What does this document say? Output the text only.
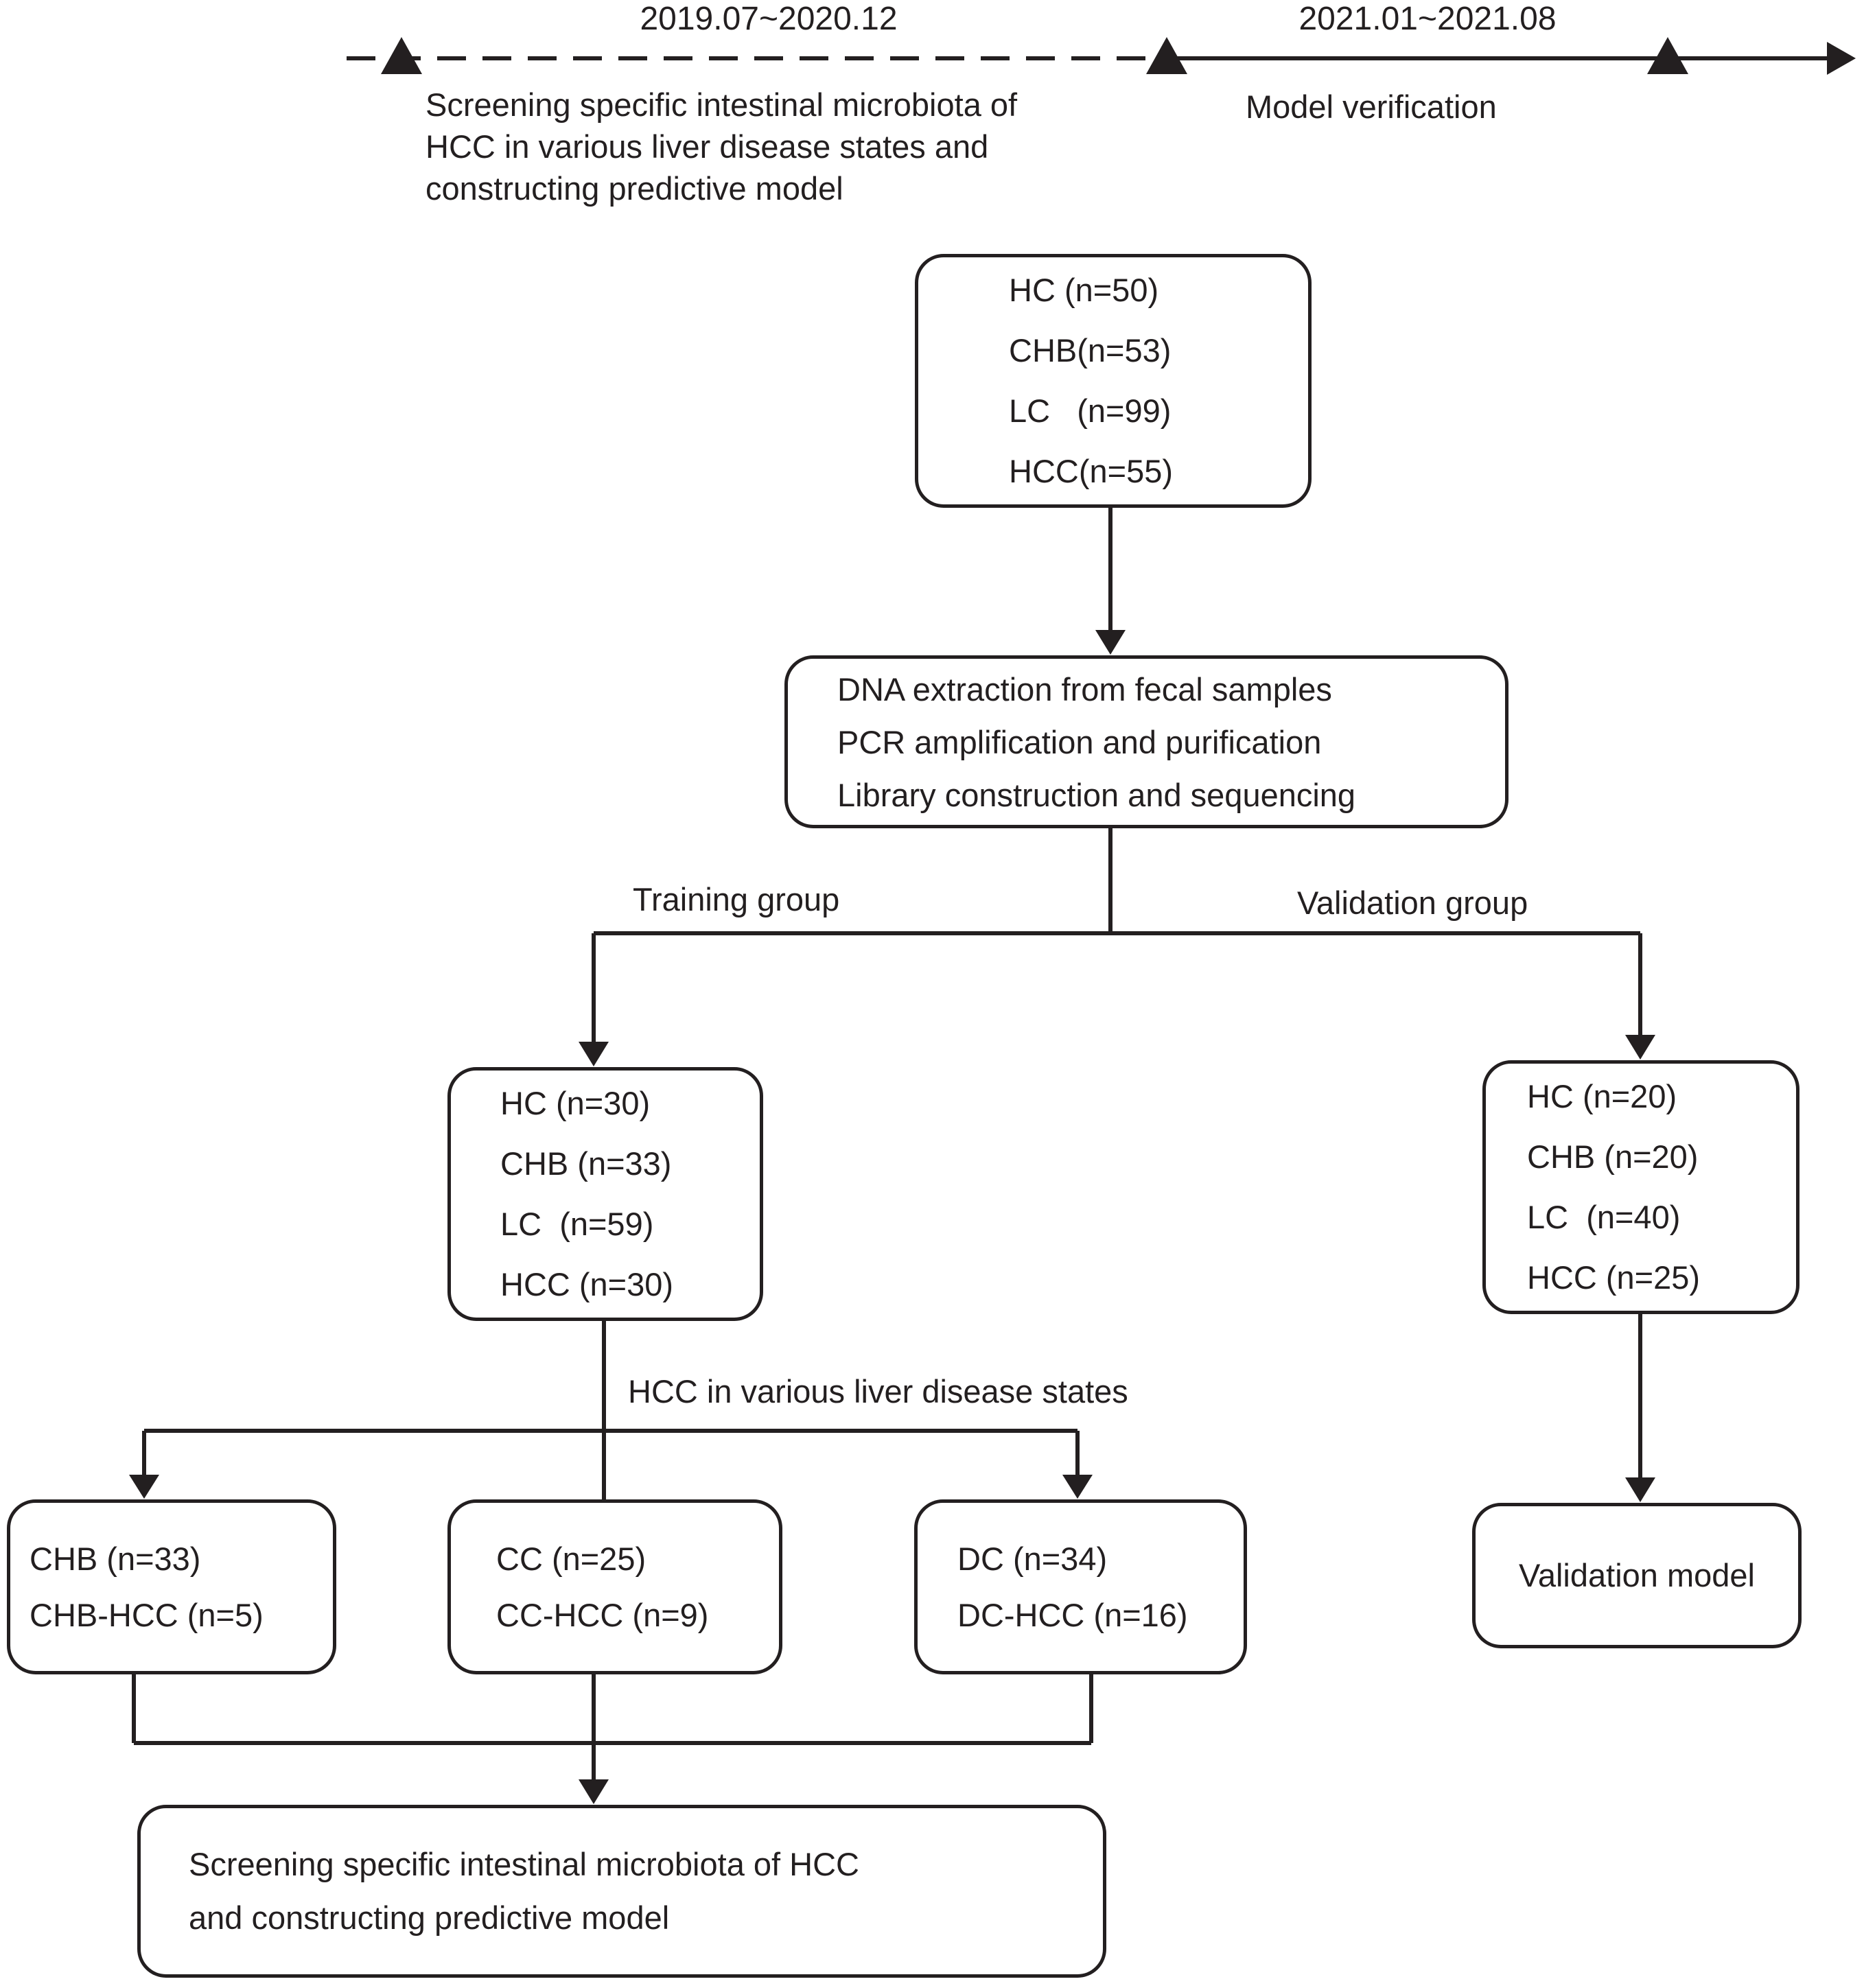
2019.07~2020.12	2021.01~2021.08
Screening specific intestinal microbiota of
HCC in various liver disease states and
constructing predictive model
Model verification
HC (n=50)
CHB(n=53)
LC   (n=99)
HCC(n=55)
DNA extraction from fecal samples
PCR amplification and purification
Library construction and sequencing
Training group	Validation group
HC (n=30)
CHB (n=33)
LC  (n=59)
HCC (n=30)
HC (n=20)
CHB (n=20)
LC  (n=40)
HCC (n=25)
HCC in various liver disease states
CHB (n=33)
CHB-HCC (n=5)
CC (n=25)
CC-HCC (n=9)
DC (n=34)
DC-HCC (n=16)
Validation model
Screening specific intestinal microbiota of HCC
and constructing predictive model
